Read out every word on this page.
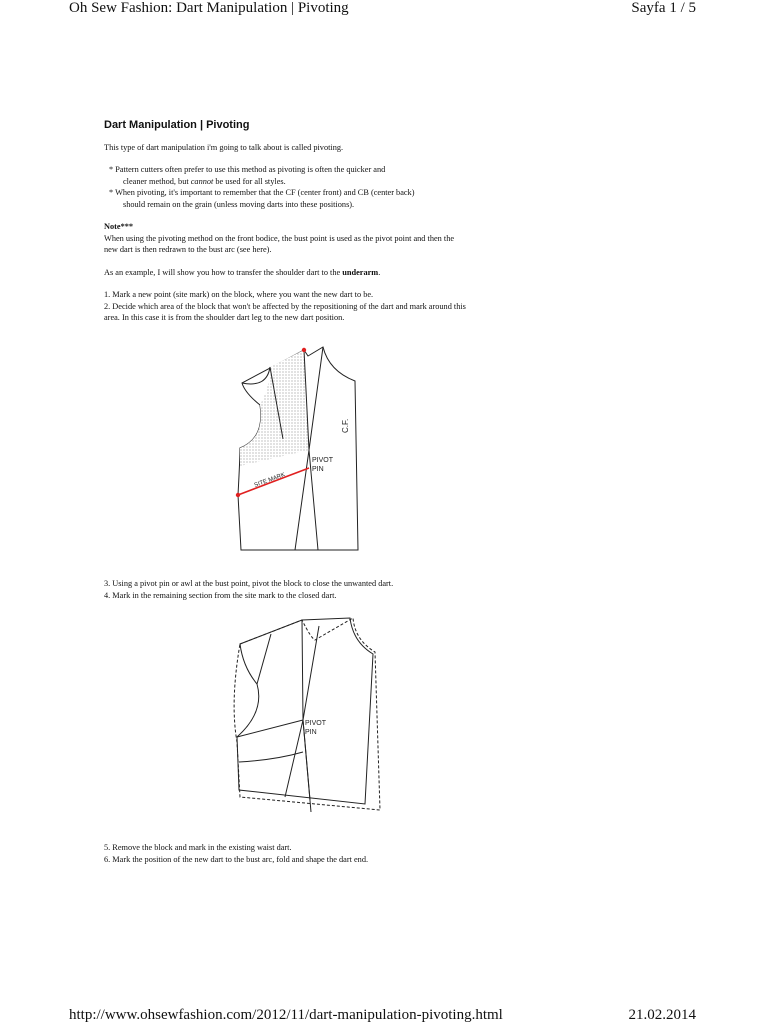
Oh Sew Fashion: Dart Manipulation | Pivoting	Sayfa 1 / 5
Dart Manipulation | Pivoting

This type of dart manipulation i'm going to talk about is called pivoting.

* Pattern cutters often prefer to use this method as pivoting is often the quicker and
cleaner method, but cannot be used for all styles.
* When pivoting, it's important to remember that the CF (center front) and CB (center back)
should remain on the grain (unless moving darts into these positions).

Note***

When using the pivoting method on the front bodice, the bust point is used as the pivot point and then the

new dart is then redrawn to the bust arc (see here).

As an example, I will show you how to transfer the shoulder dart to the underarm.

1. Mark a new point (site mark) on the block, where you want the new dart to be.

2. Decide which area of the block that won't be affected by the repositioning of the dart and mark around this

area. In this case it is from the shoulder dart leg to the new dart position.

PIVOT
PIN
SITE MARK
C.F.

3. Using a pivot pin or awl at the bust point, pivot the block to close the unwanted dart.

4. Mark in the remaining section from the site mark to the closed dart.

PIVOT
PIN

5. Remove the block and mark in the existing waist dart.

6. Mark the position of the new dart to the bust arc, fold and shape the dart end.

http://www.ohsewfashion.com/2012/11/dart-manipulation-pivoting.html	21.02.2014
